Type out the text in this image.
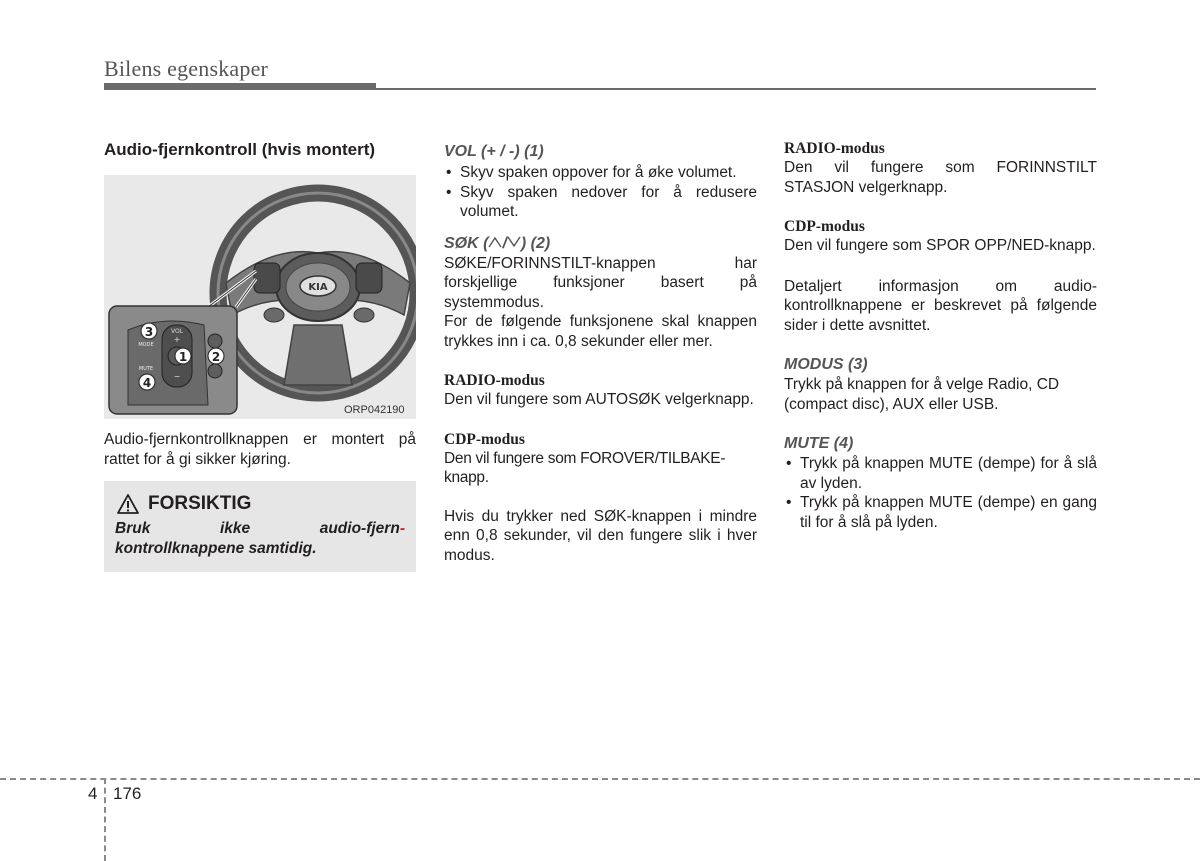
Bilens egenskaper
Audio-fjernkontroll (hvis montert)
KIA
VOL
+
MODE
MUTE
−
3
1 2
4
ORP042190
Audio-fjernkontrollknappen er montert på rattet for å gi sikker kjøring.
FORSIKTIG
Bruk	ikke	audio-fjern-
kontrollknappene samtidig.
VOL (+ / -) (1)
• Skyv spaken oppover for å øke volumet.
• Skyv spaken nedover for å redusere volumet.
SØK ( / ) (2)
SØKE/FORINNSTILT-knappen har forskjellige funksjoner basert på systemmodus.
For de følgende funksjonene skal knappen trykkes inn i ca. 0,8 sekunder eller mer.
RADIO-modus
Den vil fungere som AUTOSØK velgerknapp.
CDP-modus
Den vil fungere som FOROVER/TILBAKE-knapp.
Hvis du trykker ned SØK-knappen i mindre enn 0,8 sekunder, vil den fungere slik i hver modus.
RADIO-modus
Den vil fungere som FORINNSTILT STASJON velgerknapp.
CDP-modus
Den vil fungere som SPOR OPP/NED-knapp.
Detaljert informasjon om audio-kontrollknappene er beskrevet på følgende sider i dette avsnittet.
MODUS (3)
Trykk på knappen for å velge Radio, CD (compact disc), AUX eller USB.
MUTE (4)
• Trykk på knappen MUTE (dempe) for å slå av lyden.
• Trykk på knappen MUTE (dempe) en gang til for å slå på lyden.
4 176
